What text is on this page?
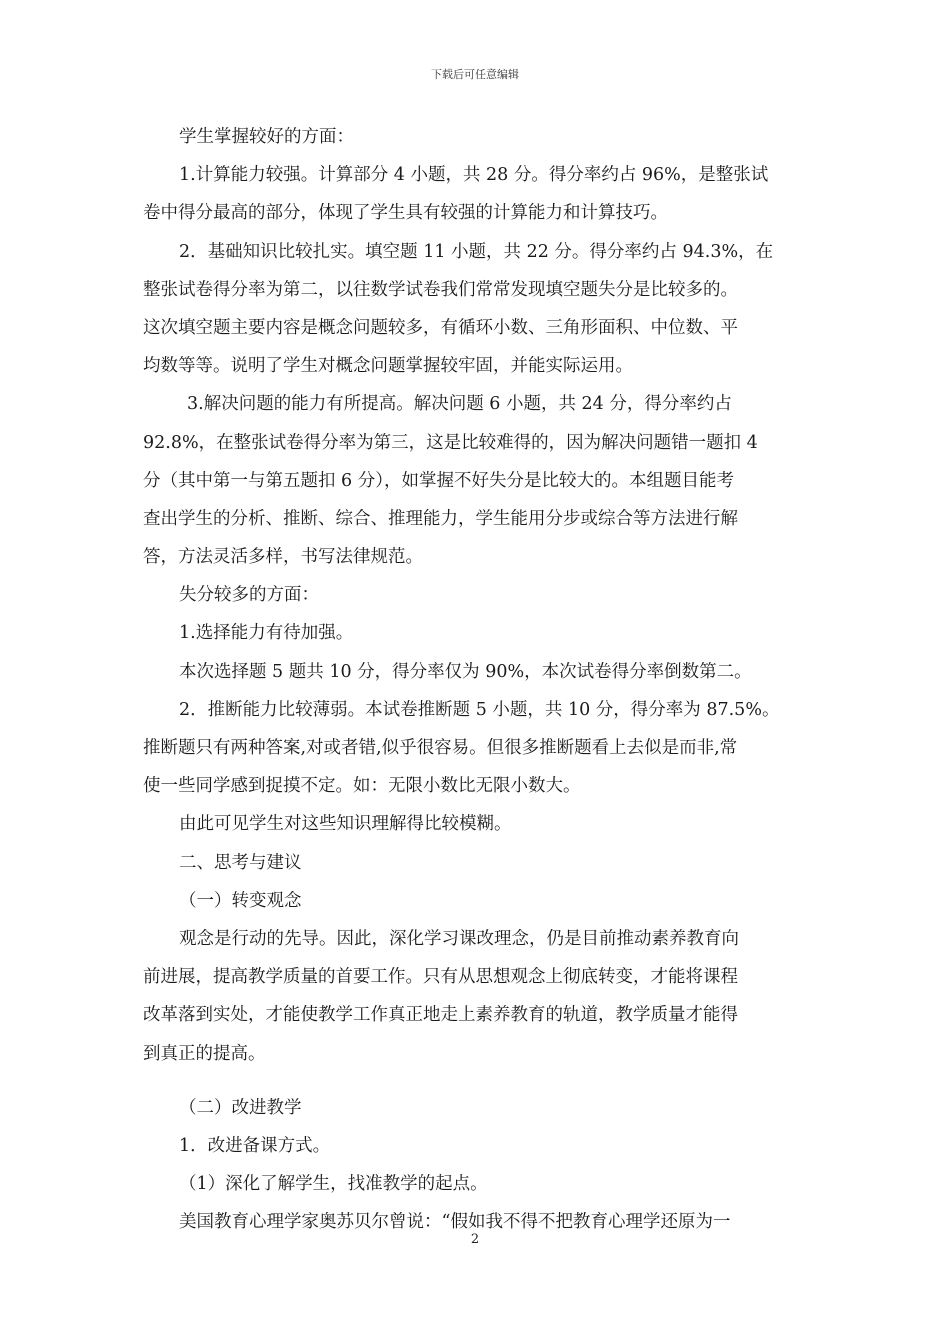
下载后可任意编辑
学生掌握较好的方面：
1.计算能力较强。计算部分 4 小题，共 28 分。得分率约占 96%，是整张试
卷中得分最高的部分，体现了学生具有较强的计算能力和计算技巧。
2．基础知识比较扎实。填空题 11 小题，共 22 分。得分率约占 94.3%，在
整张试卷得分率为第二，以往数学试卷我们常常发现填空题失分是比较多的。
这次填空题主要内容是概念问题较多，有循环小数、三角形面积、中位数、平
均数等等。说明了学生对概念问题掌握较牢固，并能实际运用。
3.解决问题的能力有所提高。解决问题 6 小题，共 24 分，得分率约占
92.8%，在整张试卷得分率为第三，这是比较难得的，因为解决问题错一题扣 4
分（其中第一与第五题扣 6 分），如掌握不好失分是比较大的。本组题目能考
查出学生的分析、推断、综合、推理能力，学生能用分步或综合等方法进行解
答，方法灵活多样，书写法律规范。
失分较多的方面：
1.选择能力有待加强。
本次选择题 5 题共 10 分，得分率仅为 90%，本次试卷得分率倒数第二。
2．推断能力比较薄弱。本试卷推断题 5 小题，共 10 分，得分率为 87.5%。
推断题只有两种答案,对或者错,似乎很容易。但很多推断题看上去似是而非,常
使一些同学感到捉摸不定。如：无限小数比无限小数大。
由此可见学生对这些知识理解得比较模糊。
二、思考与建议
（一）转变观念
观念是行动的先导。因此，深化学习课改理念，仍是目前推动素养教育向
前进展，提高教学质量的首要工作。只有从思想观念上彻底转变，才能将课程
改革落到实处，才能使教学工作真正地走上素养教育的轨道，教学质量才能得
到真正的提高。
（二）改进教学
1．改进备课方式。
（1）深化了解学生，找准教学的起点。
美国教育心理学家奥苏贝尔曾说：“假如我不得不把教育心理学还原为一
2
